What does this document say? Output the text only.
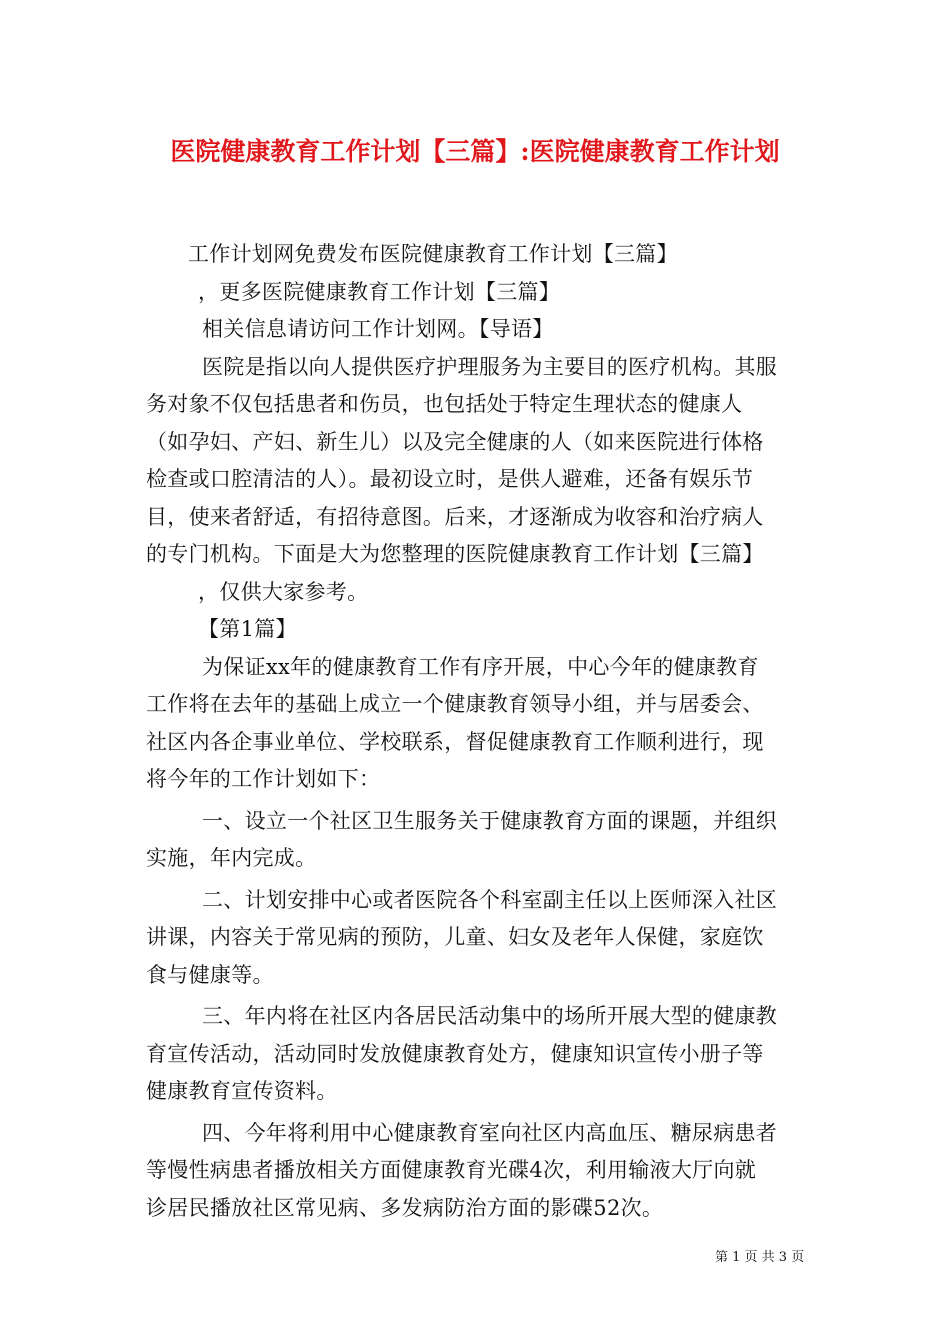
医院健康教育工作计划【三篇】:医院健康教育工作计划

工作计划网免费发布医院健康教育工作计划【三篇】

，更多医院健康教育工作计划【三篇】

相关信息请访问工作计划网。【导语】

医院是指以向人提供医疗护理服务为主要目的医疗机构。其服

务对象不仅包括患者和伤员，也包括处于特定生理状态的健康人

（如孕妇、产妇、新生儿）以及完全健康的人（如来医院进行体格

检查或口腔清洁的人）。最初设立时，是供人避难，还备有娱乐节

目，使来者舒适，有招待意图。后来，才逐渐成为收容和治疗病人

的专门机构。下面是大为您整理的医院健康教育工作计划【三篇】

，仅供大家参考。

【第1篇】

为保证xx年的健康教育工作有序开展，中心今年的健康教育

工作将在去年的基础上成立一个健康教育领导小组，并与居委会、

社区内各企事业单位、学校联系，督促健康教育工作顺利进行，现

将今年的工作计划如下：

一、设立一个社区卫生服务关于健康教育方面的课题，并组织

实施，年内完成。

二、计划安排中心或者医院各个科室副主任以上医师深入社区

讲课，内容关于常见病的预防，儿童、妇女及老年人保健，家庭饮

食与健康等。

三、年内将在社区内各居民活动集中的场所开展大型的健康教

育宣传活动，活动同时发放健康教育处方，健康知识宣传小册子等

健康教育宣传资料。

四、今年将利用中心健康教育室向社区内高血压、糖尿病患者

等慢性病患者播放相关方面健康教育光碟4次，利用输液大厅向就

诊居民播放社区常见病、多发病防治方面的影碟52次。

第 1 页 共 3 页
